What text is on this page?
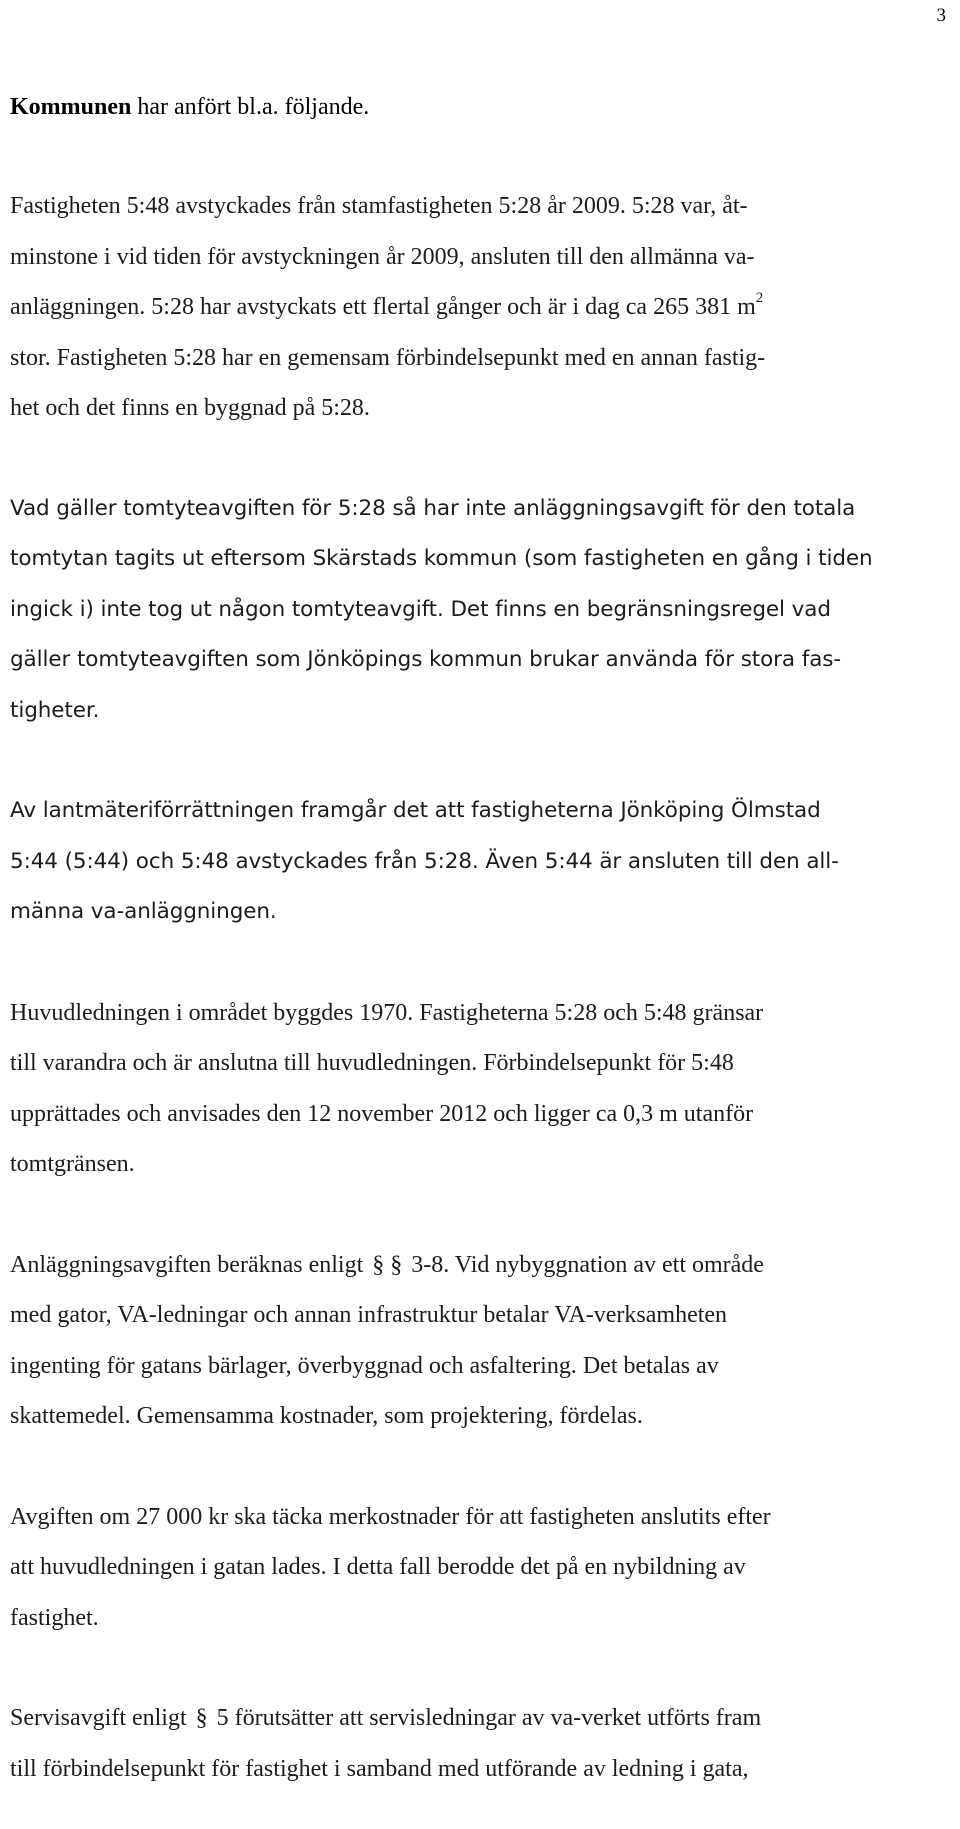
3

Kommunen har anfört bl.a. följande.

Fastigheten 5:48 avstyckades från stamfastigheten 5:28 år 2009. 5:28 var, åt-
minstone i vid tiden för avstyckningen år 2009, ansluten till den allmänna va-
anläggningen. 5:28 har avstyckats ett flertal gånger och är i dag ca 265 381 $m^2$
stor. Fastigheten 5:28 har en gemensam förbindelsepunkt med en annan fastig-
het och det finns en byggnad på 5:28.

Vad gäller tomtyteavgiften för 5:28 så har inte anläggningsavgift för den totala
tomtytan tagits ut eftersom Skärstads kommun (som fastigheten en gång i tiden
ingick i) inte tog ut någon tomtyteavgift. Det finns en begränsningsregel vad
gäller tomtyteavgiften som Jönköpings kommun brukar använda för stora fas-
tigheter.

Av lantmäteriförrättningen framgår det att fastigheterna Jönköping Ölmstad
5:44 (5:44) och 5:48 avstyckades från 5:28. Även 5:44 är ansluten till den all-
männa va-anläggningen.

Huvudledningen i området byggdes 1970. Fastigheterna 5:28 och 5:48 gränsar
till varandra och är anslutna till huvudledningen. Förbindelsepunkt för 5:48
upprättades och anvisades den 12 november 2012 och ligger ca 0,3 m utanför
tomtgränsen.

Anläggningsavgiften beräknas enligt § § 3-8. Vid nybyggnation av ett område
med gator, VA-ledningar och annan infrastruktur betalar VA-verksamheten
ingenting för gatans bärlager, överbyggnad och asfaltering. Det betalas av
skattemedel. Gemensamma kostnader, som projektering, fördelas.

Avgiften om 27 000 kr ska täcka merkostnader för att fastigheten anslutits efter
att huvudledningen i gatan lades. I detta fall berodde det på en nybildning av
fastighet.

Servisavgift enligt § 5 förutsätter att servisledningar av va-verket utförts fram
till förbindelsepunkt för fastighet i samband med utförande av ledning i gata,
